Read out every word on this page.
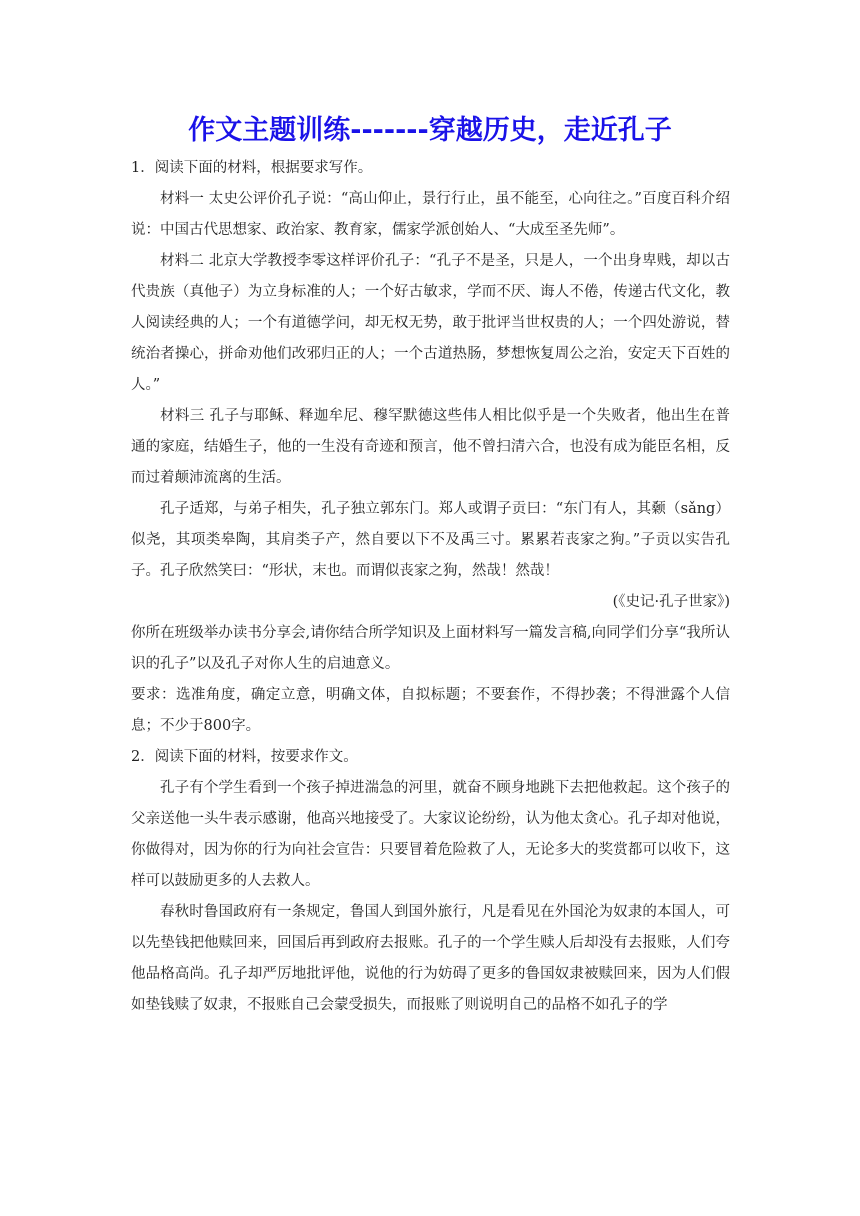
作文主题训练-------穿越历史，走近孔子

1．阅读下面的材料，根据要求写作。

材料一 太史公评价孔子说：“高山仰止，景行行止，虽不能至，心向往之。”百度百科介绍说：中国古代思想家、政治家、教育家，儒家学派创始人、“大成至圣先师”。

材料二 北京大学教授李零这样评价孔子：“孔子不是圣，只是人，一个出身卑贱，却以古代贵族（真他子）为立身标准的人；一个好古敏求，学而不厌、诲人不倦，传递古代文化，教人阅读经典的人；一个有道德学问，却无权无势，敢于批评当世权贵的人；一个四处游说，替统治者操心，拼命劝他们改邪归正的人；一个古道热肠，梦想恢复周公之治，安定天下百姓的人。”

材料三 孔子与耶稣、释迦牟尼、穆罕默德这些伟人相比似乎是一个失败者，他出生在普通的家庭，结婚生子，他的一生没有奇迹和预言，他不曾扫清六合，也没有成为能臣名相，反而过着颠沛流离的生活。

孔子适郑，与弟子相失，孔子独立郭东门。郑人或谓子贡曰：“东门有人，其颡（sǎng）似尧，其项类皋陶，其肩类子产，然自要以下不及禹三寸。累累若丧家之狗。”子贡以实告孔子。孔子欣然笑曰：“形状，末也。而谓似丧家之狗，然哉！然哉！

(《史记·孔子世家》)

你所在班级举办读书分享会,请你结合所学知识及上面材料写一篇发言稿,向同学们分享“我所认识的孔子”以及孔子对你人生的启迪意义。

要求：选准角度，确定立意，明确文体，自拟标题；不要套作，不得抄袭；不得泄露个人信息；不少于800字。

2．阅读下面的材料，按要求作文。

孔子有个学生看到一个孩子掉进湍急的河里，就奋不顾身地跳下去把他救起。这个孩子的父亲送他一头牛表示感谢，他高兴地接受了。大家议论纷纷，认为他太贪心。孔子却对他说，你做得对，因为你的行为向社会宣告：只要冒着危险救了人，无论多大的奖赏都可以收下，这样可以鼓励更多的人去救人。

春秋时鲁国政府有一条规定，鲁国人到国外旅行，凡是看见在外国沦为奴隶的本国人，可以先垫钱把他赎回来，回国后再到政府去报账。孔子的一个学生赎人后却没有去报账，人们夸他品格高尚。孔子却严厉地批评他，说他的行为妨碍了更多的鲁国奴隶被赎回来，因为人们假如垫钱赎了奴隶，不报账自己会蒙受损失，而报账了则说明自己的品格不如孔子的学
